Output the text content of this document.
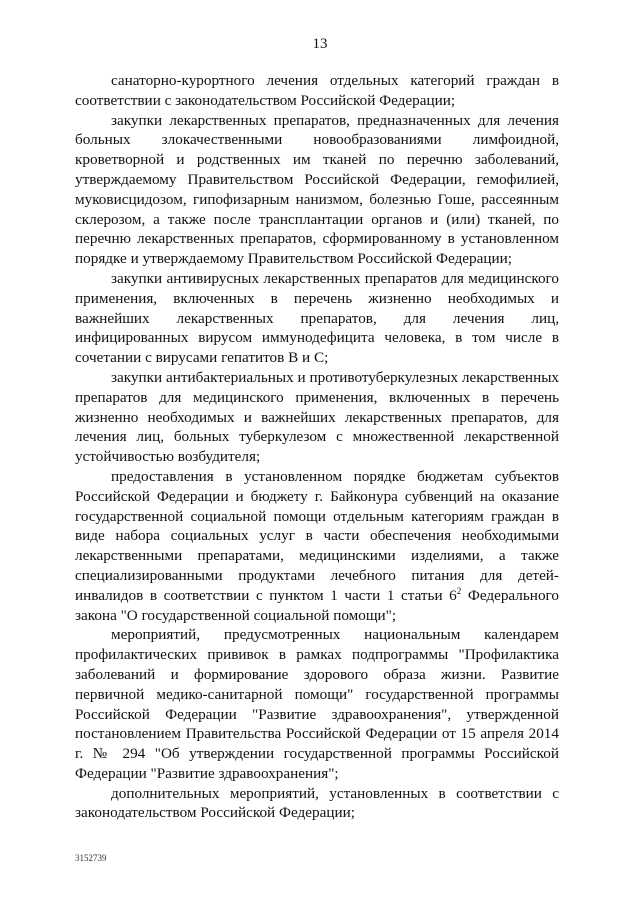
13

санаторно-курортного лечения отдельных категорий граждан в соответствии с законодательством Российской Федерации;

закупки лекарственных препаратов, предназначенных для лечения больных злокачественными новообразованиями лимфоидной, кроветворной и родственных им тканей по перечню заболеваний, утверждаемому Правительством Российской Федерации, гемофилией, муковисцидозом, гипофизарным нанизмом, болезнью Гоше, рассеянным склерозом, а также после трансплантации органов и (или) тканей, по перечню лекарственных препаратов, сформированному в установленном порядке и утверждаемому Правительством Российской Федерации;

закупки антивирусных лекарственных препаратов для медицинского применения, включенных в перечень жизненно необходимых и важнейших лекарственных препаратов, для лечения лиц, инфицированных вирусом иммунодефицита человека, в том числе в сочетании с вирусами гепатитов В и С;

закупки антибактериальных и противотуберкулезных лекарственных препаратов для медицинского применения, включенных в перечень жизненно необходимых и важнейших лекарственных препаратов, для лечения лиц, больных туберкулезом с множественной лекарственной устойчивостью возбудителя;

предоставления в установленном порядке бюджетам субъектов Российской Федерации и бюджету г. Байконура субвенций на оказание государственной социальной помощи отдельным категориям граждан в виде набора социальных услуг в части обеспечения необходимыми лекарственными препаратами, медицинскими изделиями, а также специализированными продуктами лечебного питания для детей-инвалидов в соответствии с пунктом 1 части 1 статьи $6^2$ Федерального закона "О государственной социальной помощи";

мероприятий, предусмотренных национальным календарем профилактических прививок в рамках подпрограммы "Профилактика заболеваний и формирование здорового образа жизни. Развитие первичной медико-санитарной помощи" государственной программы Российской Федерации "Развитие здравоохранения", утвержденной постановлением Правительства Российской Федерации от 15 апреля 2014 г. № 294 "Об утверждении государственной программы Российской Федерации "Развитие здравоохранения";

дополнительных мероприятий, установленных в соответствии с законодательством Российской Федерации;

3152739
